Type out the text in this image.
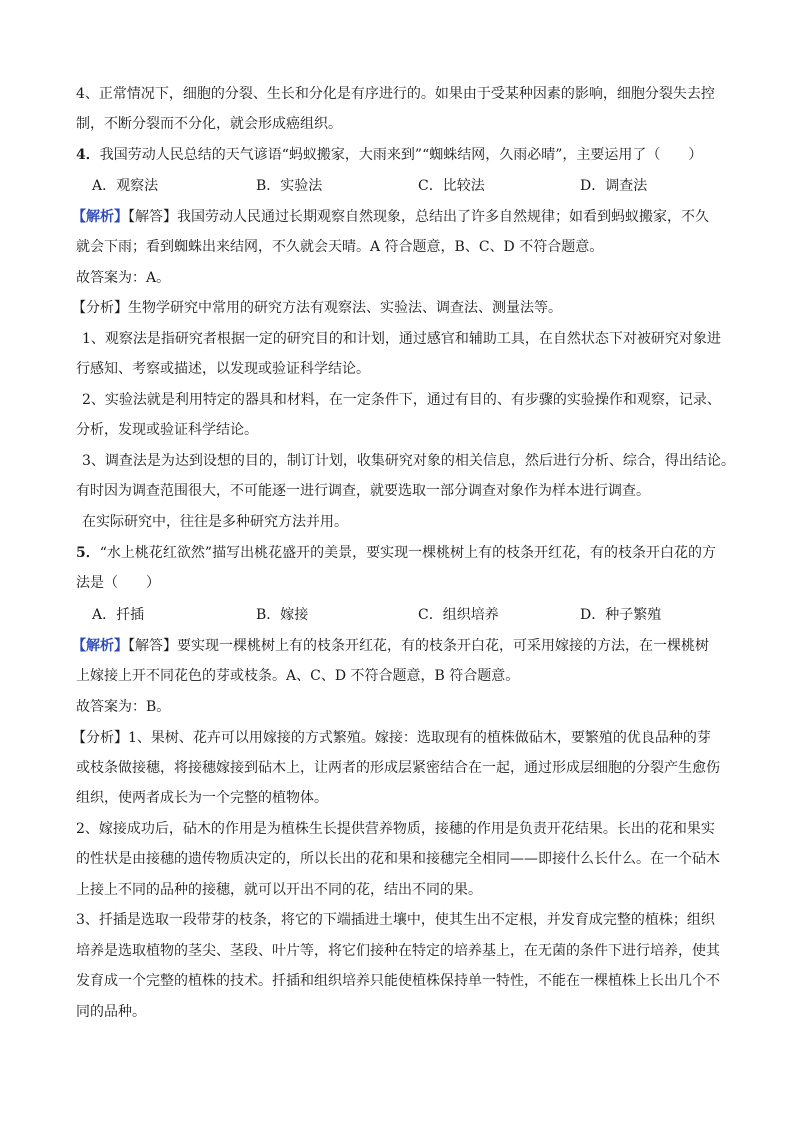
4、正常情况下，细胞的分裂、生长和分化是有序进行的。如果由于受某种因素的影响，细胞分裂失去控
制，不断分裂而不分化，就会形成癌组织。
4．我国劳动人民总结的天气谚语“蚂蚁搬家，大雨来到”“蜘蛛结网，久雨必晴”，主要运用了（　　）
A．观察法	B．实验法	C．比较法	D．调查法
【解析】【解答】我国劳动人民通过长期观察自然现象，总结出了许多自然规律；如看到蚂蚁搬家，不久
就会下雨；看到蜘蛛出来结网，不久就会天晴。A 符合题意，B、C、D 不符合题意。
故答案为：A。
【分析】生物学研究中常用的研究方法有观察法、实验法、调查法、测量法等。
1、观察法是指研究者根据一定的研究目的和计划，通过感官和辅助工具，在自然状态下对被研究对象进
行感知、考察或描述，以发现或验证科学结论。
2、实验法就是利用特定的器具和材料，在一定条件下，通过有目的、有步骤的实验操作和观察，记录、
分析，发现或验证科学结论。
3、调查法是为达到设想的目的，制订计划，收集研究对象的相关信息，然后进行分析、综合，得出结论。
有时因为调查范围很大，不可能逐一进行调查，就要选取一部分调查对象作为样本进行调查。
在实际研究中，往往是多种研究方法并用。
5．“水上桃花红欲然”描写出桃花盛开的美景，要实现一棵桃树上有的枝条开红花，有的枝条开白花的方
法是（　　）
A．扦插	B．嫁接	C．组织培养	D．种子繁殖
【解析】【解答】要实现一棵桃树上有的枝条开红花，有的枝条开白花，可采用嫁接的方法，在一棵桃树
上嫁接上开不同花色的芽或枝条。A、C、D 不符合题意，B 符合题意。
故答案为：B。
【分析】1、果树、花卉可以用嫁接的方式繁殖。嫁接：选取现有的植株做砧木，要繁殖的优良品种的芽
或枝条做接穗，将接穗嫁接到砧木上，让两者的形成层紧密结合在一起，通过形成层细胞的分裂产生愈伤
组织，使两者成长为一个完整的植物体。
2、嫁接成功后，砧木的作用是为植株生长提供营养物质，接穗的作用是负责开花结果。长出的花和果实
的性状是由接穗的遗传物质决定的，所以长出的花和果和接穗完全相同——即接什么长什么。在一个砧木
上接上不同的品种的接穗，就可以开出不同的花，结出不同的果。
3、扦插是选取一段带芽的枝条，将它的下端插进土壤中，使其生出不定根，并发育成完整的植株；组织
培养是选取植物的茎尖、茎段、叶片等，将它们接种在特定的培养基上，在无菌的条件下进行培养，使其
发育成一个完整的植株的技术。扦插和组织培养只能使植株保持单一特性，不能在一棵植株上长出几个不
同的品种。
